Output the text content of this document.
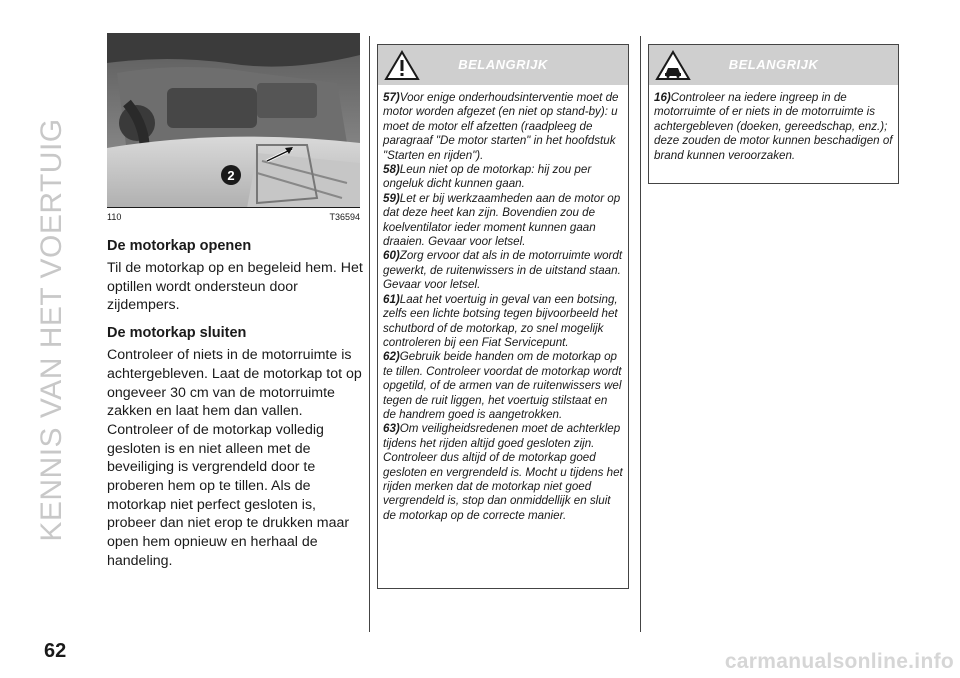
KENNIS VAN HET VOERTUIG	2
110	T36594
De motorkap openen

Til de motorkap op en begeleid hem. Het optillen wordt ondersteun door zijdempers.

De motorkap sluiten

Controleer of niets in de motorruimte is achtergebleven. Laat de motorkap tot op ongeveer 30 cm van de motorruimte zakken en laat hem dan vallen. Controleer of de motorkap volledig gesloten is en niet alleen met de beveiliging is vergrendeld door te proberen hem op te tillen. Als de motorkap niet perfect gesloten is, probeer dan niet erop te drukken maar open hem opnieuw en herhaal de handeling.

BELANGRIJK

57)Voor enige onderhoudsinterventie moet de motor worden afgezet (en niet op stand-by): u moet de motor elf afzetten (raadpleeg de paragraaf "De motor starten" in het hoofdstuk "Starten en rijden").

58)Leun niet op de motorkap: hij zou per ongeluk dicht kunnen gaan.

59)Let er bij werkzaamheden aan de motor op dat deze heet kan zijn. Bovendien zou de koelventilator ieder moment kunnen gaan draaien. Gevaar voor letsel.

60)Zorg ervoor dat als in de motorruimte wordt gewerkt, de ruitenwissers in de uitstand staan. Gevaar voor letsel.

61)Laat het voertuig in geval van een botsing, zelfs een lichte botsing tegen bijvoorbeeld het schutbord of de motorkap, zo snel mogelijk controleren bij een Fiat Servicepunt.

62)Gebruik beide handen om de motorkap op te tillen. Controleer voordat de motorkap wordt opgetild, of de armen van de ruitenwissers wel tegen de ruit liggen, het voertuig stilstaat en de handrem goed is aangetrokken.

63)Om veiligheidsredenen moet de achterklep tijdens het rijden altijd goed gesloten zijn. Controleer dus altijd of de motorkap goed gesloten en vergrendeld is. Mocht u tijdens het rijden merken dat de motorkap niet goed vergrendeld is, stop dan onmiddellijk en sluit de motorkap op de correcte manier.

BELANGRIJK

16)Controleer na iedere ingreep in de motorruimte of er niets in de motorruimte is achtergebleven (doeken, gereedschap, enz.); deze zouden de motor kunnen beschadigen of brand kunnen veroorzaken.

62	carmanualsonline.info
